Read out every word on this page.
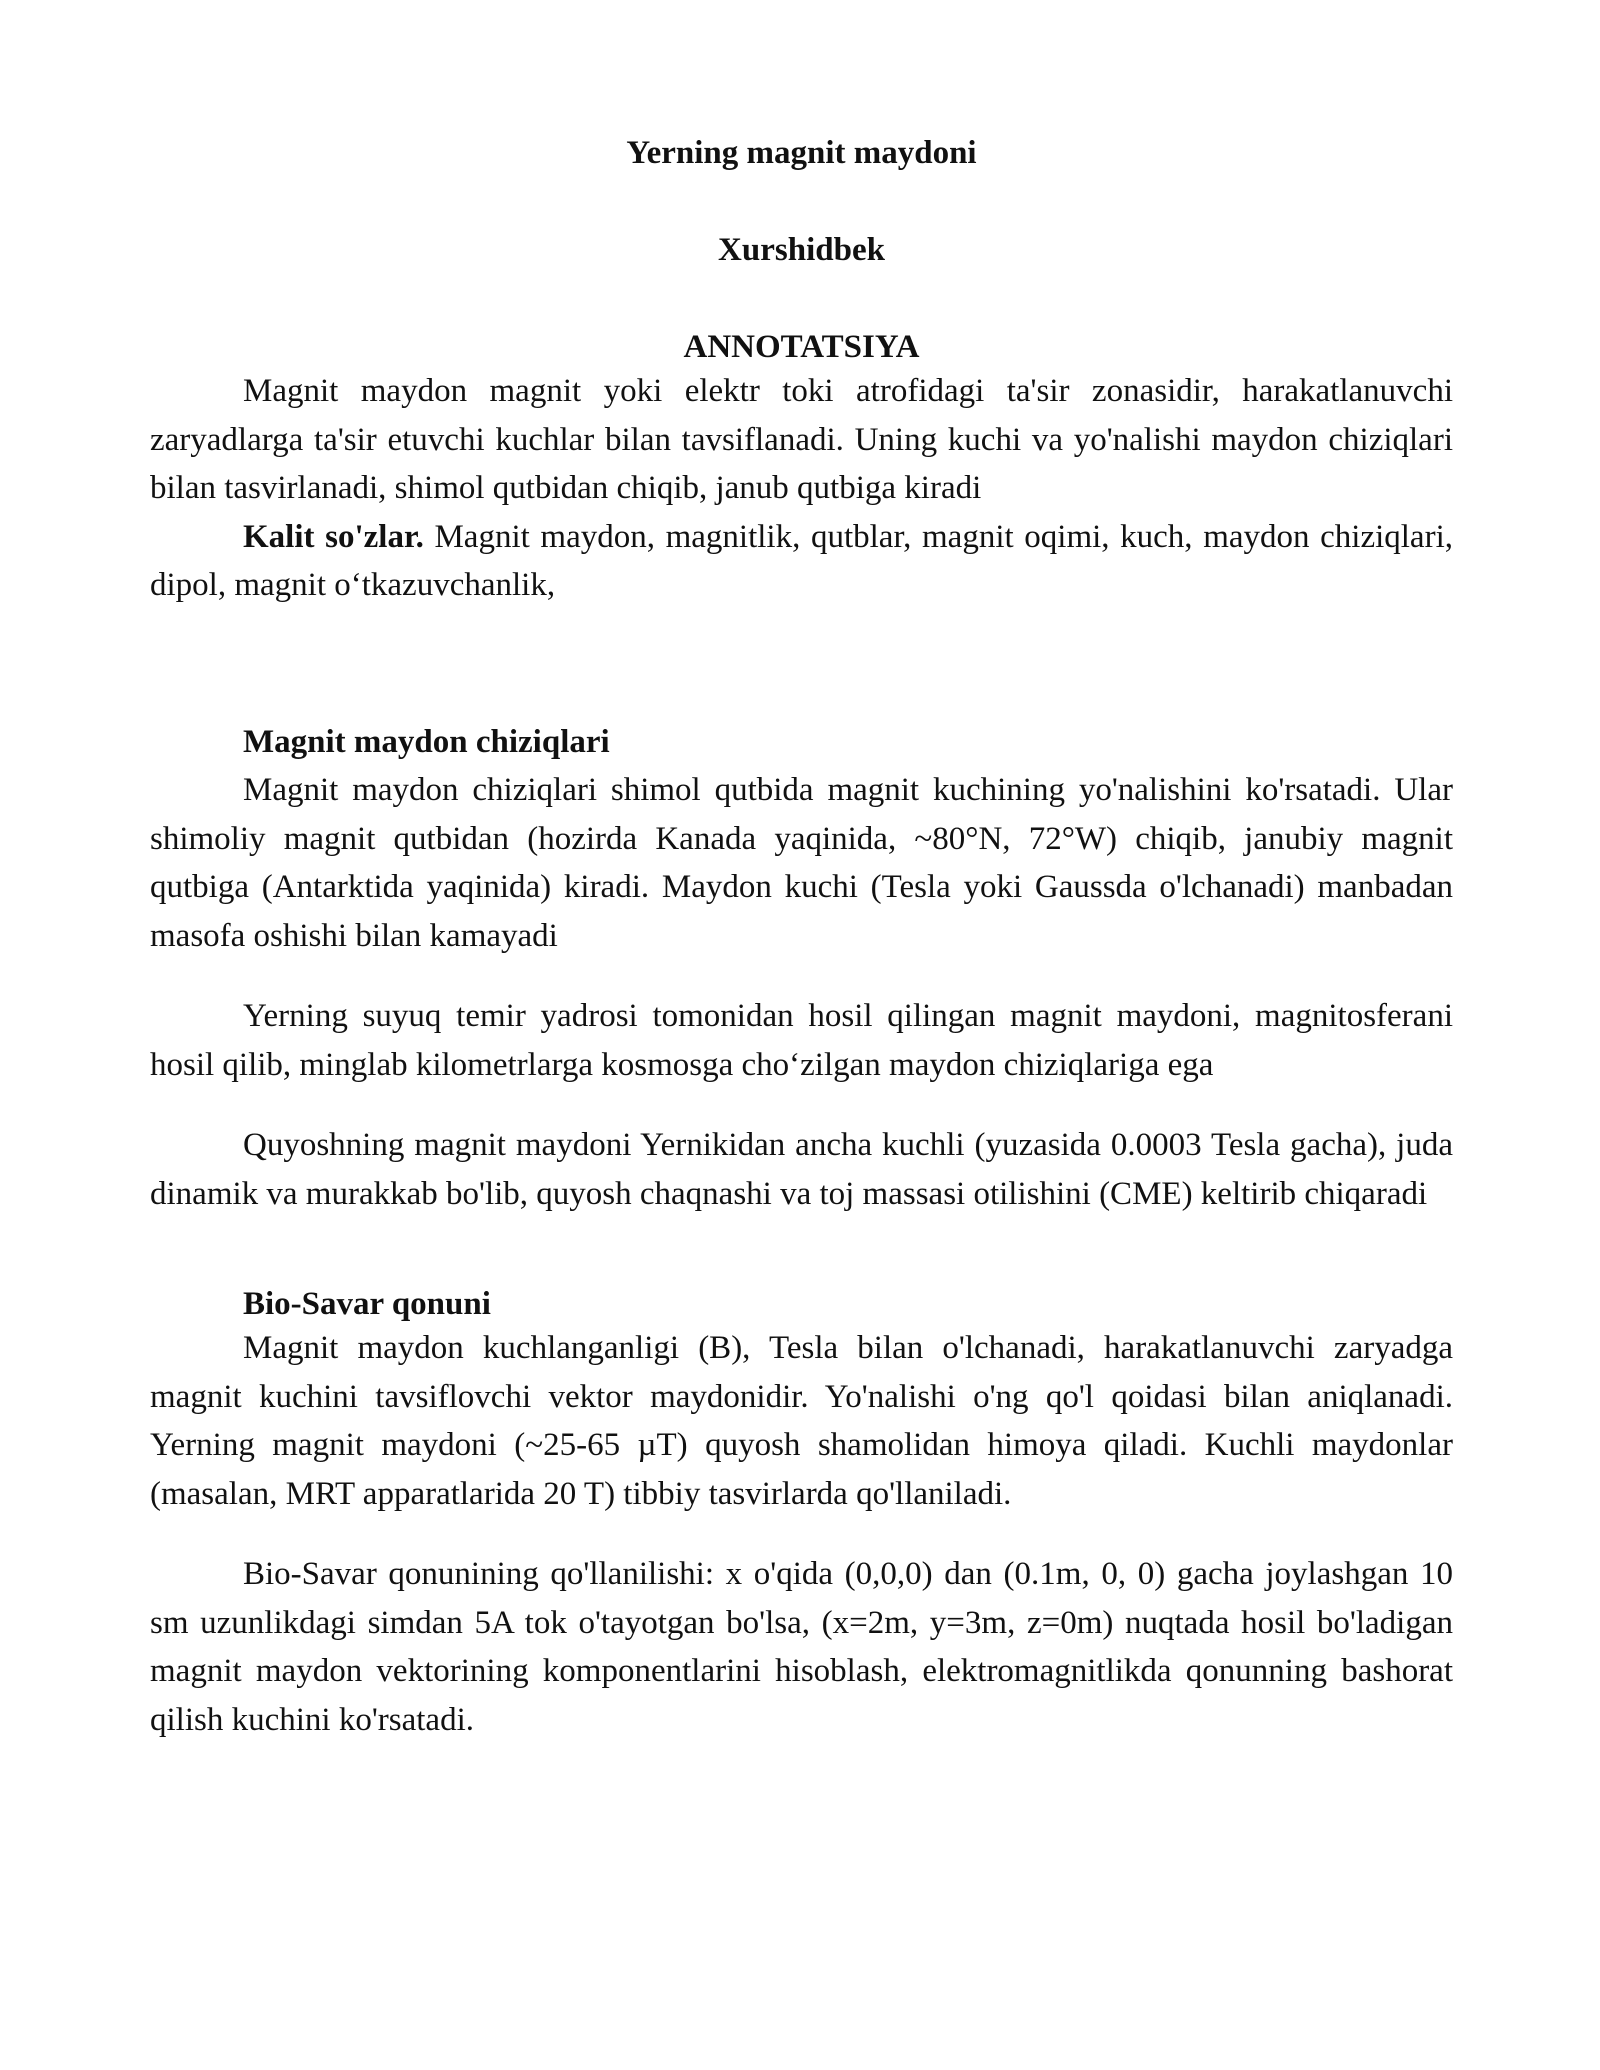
Yerning magnit maydoni
Xurshidbek
ANNOTATSIYA

Magnit maydon magnit yoki elektr toki atrofidagi ta'sir zonasidir, harakatlanuvchi zaryadlarga ta'sir etuvchi kuchlar bilan tavsiflanadi. Uning kuchi va yo'nalishi maydon chiziqlari bilan tasvirlanadi, shimol qutbidan chiqib, janub qutbiga kiradi

Kalit so'zlar. Magnit maydon, magnitlik, qutblar, magnit oqimi, kuch, maydon chiziqlari, dipol, magnit o‘tkazuvchanlik,

Magnit maydon chiziqlari

Magnit maydon chiziqlari shimol qutbida magnit kuchining yo'nalishini ko'rsatadi. Ular shimoliy magnit qutbidan (hozirda Kanada yaqinida, ~80°N, 72°W) chiqib, janubiy magnit qutbiga (Antarktida yaqinida) kiradi. Maydon kuchi (Tesla yoki Gaussda o'lchanadi) manbadan masofa oshishi bilan kamayadi

Yerning suyuq temir yadrosi tomonidan hosil qilingan magnit maydoni, magnitosferani hosil qilib, minglab kilometrlarga kosmosga cho‘zilgan maydon chiziqlariga ega

Quyoshning magnit maydoni Yernikidan ancha kuchli (yuzasida 0.0003 Tesla gacha), juda dinamik va murakkab bo'lib, quyosh chaqnashi va toj massasi otilishini (CME) keltirib chiqaradi

Bio-Savar qonuni

Magnit maydon kuchlanganligi (B), Tesla bilan o'lchanadi, harakatlanuvchi zaryadga magnit kuchini tavsiflovchi vektor maydonidir. Yo'nalishi o'ng qo'l qoidasi bilan aniqlanadi. Yerning magnit maydoni (~25-65 µT) quyosh shamolidan himoya qiladi. Kuchli maydonlar (masalan, MRT apparatlarida 20 T) tibbiy tasvirlarda qo'llaniladi.

Bio-Savar qonunining qo'llanilishi: x o'qida (0,0,0) dan (0.1m, 0, 0) gacha joylashgan 10 sm uzunlikdagi simdan 5A tok o'tayotgan bo'lsa, (x=2m, y=3m, z=0m) nuqtada hosil bo'ladigan magnit maydon vektorining komponentlarini hisoblash, elektromagnitlikda qonunning bashorat qilish kuchini ko'rsatadi.
